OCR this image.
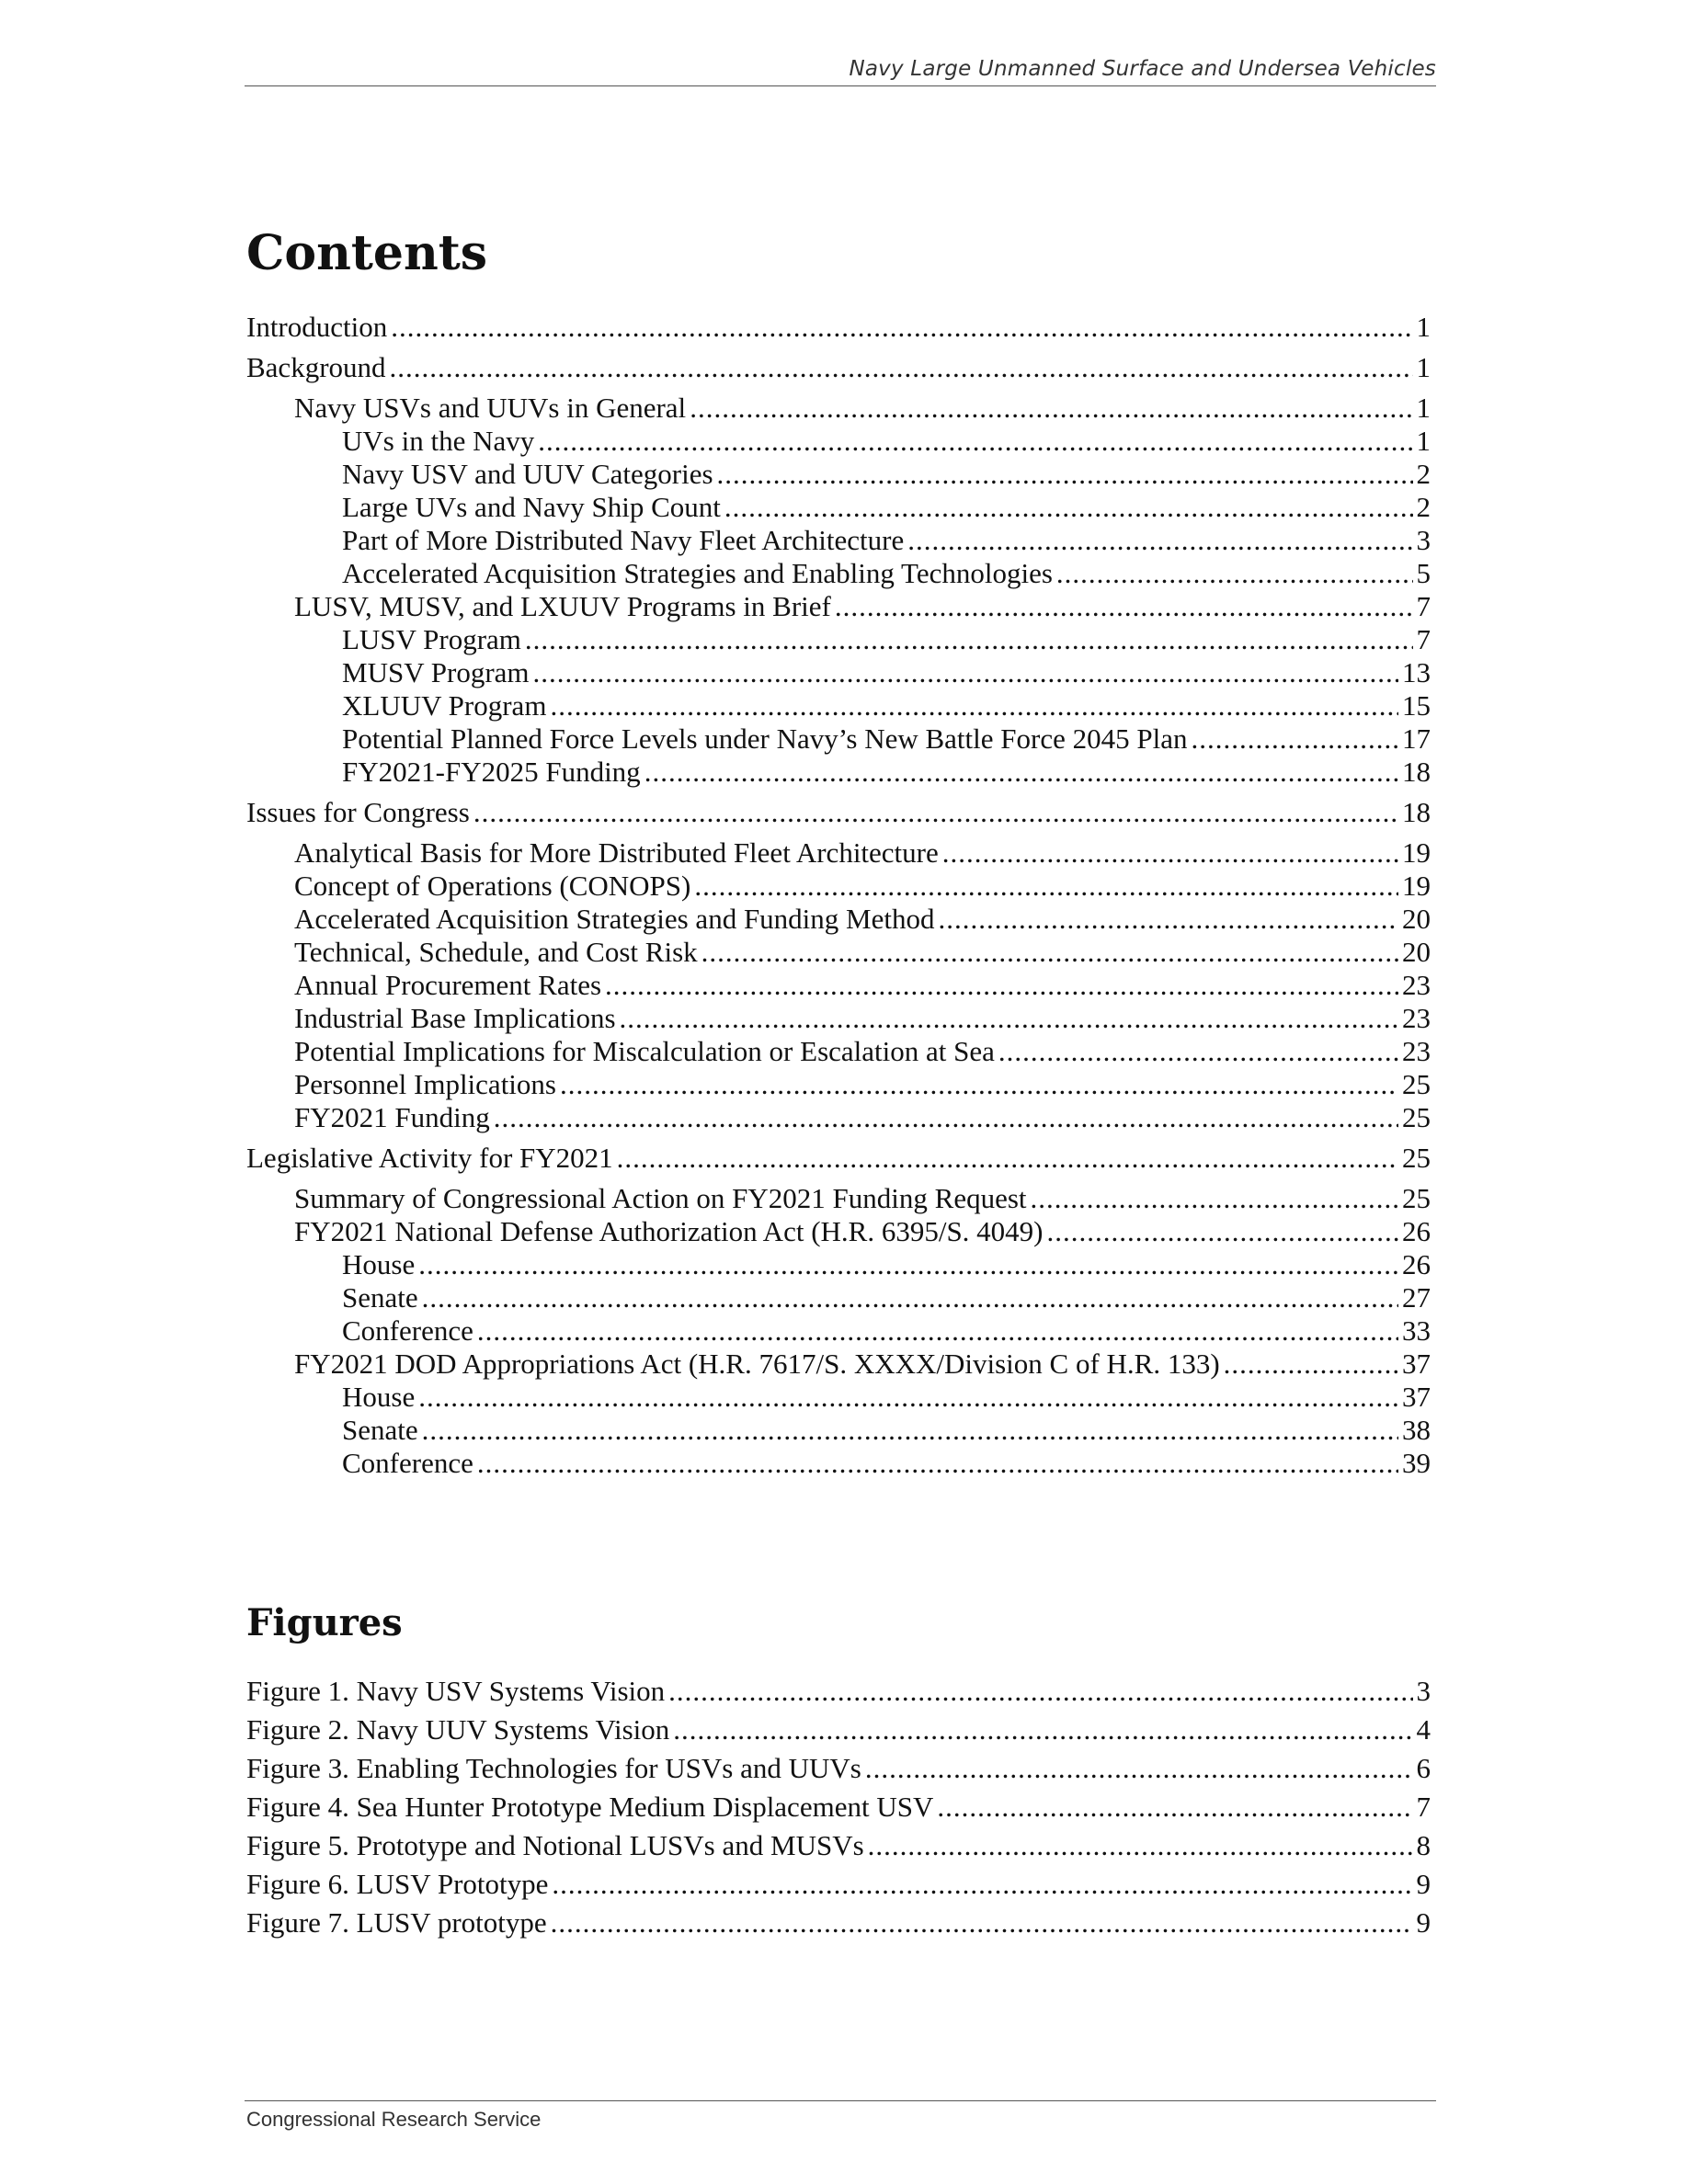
Navy Large Unmanned Surface and Undersea Vehicles
Contents
Introduction .....	1
Background .....	1
Navy USVs and UUVs in General .....	1
UVs in the Navy .....	1
Navy USV and UUV Categories .....	2
Large UVs and Navy Ship Count .....	2
Part of More Distributed Navy Fleet Architecture .....	3
Accelerated Acquisition Strategies and Enabling Technologies .....	5
LUSV, MUSV, and LXUUV Programs in Brief .....	7
LUSV Program .....	7
MUSV Program .....	13
XLUUV Program .....	15
Potential Planned Force Levels under Navy’s New Battle Force 2045 Plan .....	17
FY2021-FY2025 Funding .....	18
Issues for Congress .....	18
Analytical Basis for More Distributed Fleet Architecture .....	19
Concept of Operations (CONOPS) .....	19
Accelerated Acquisition Strategies and Funding Method .....	20
Technical, Schedule, and Cost Risk .....	20
Annual Procurement Rates .....	23
Industrial Base Implications .....	23
Potential Implications for Miscalculation or Escalation at Sea .....	23
Personnel Implications .....	25
FY2021 Funding .....	25
Legislative Activity for FY2021 .....	25
Summary of Congressional Action on FY2021 Funding Request .....	25
FY2021 National Defense Authorization Act (H.R. 6395/S. 4049) .....	26
House .....	26
Senate .....	27
Conference .....	33
FY2021 DOD Appropriations Act (H.R. 7617/S. XXXX/Division C of H.R. 133) .....	37
House .....	37
Senate .....	38
Conference .....	39
Figures
Figure 1. Navy USV Systems Vision .....	3
Figure 2. Navy UUV Systems Vision .....	4
Figure 3. Enabling Technologies for USVs and UUVs .....	6
Figure 4. Sea Hunter Prototype Medium Displacement USV .....	7
Figure 5. Prototype and Notional LUSVs and MUSVs .....	8
Figure 6. LUSV Prototype .....	9
Figure 7. LUSV prototype .....	9
Congressional Research Service
